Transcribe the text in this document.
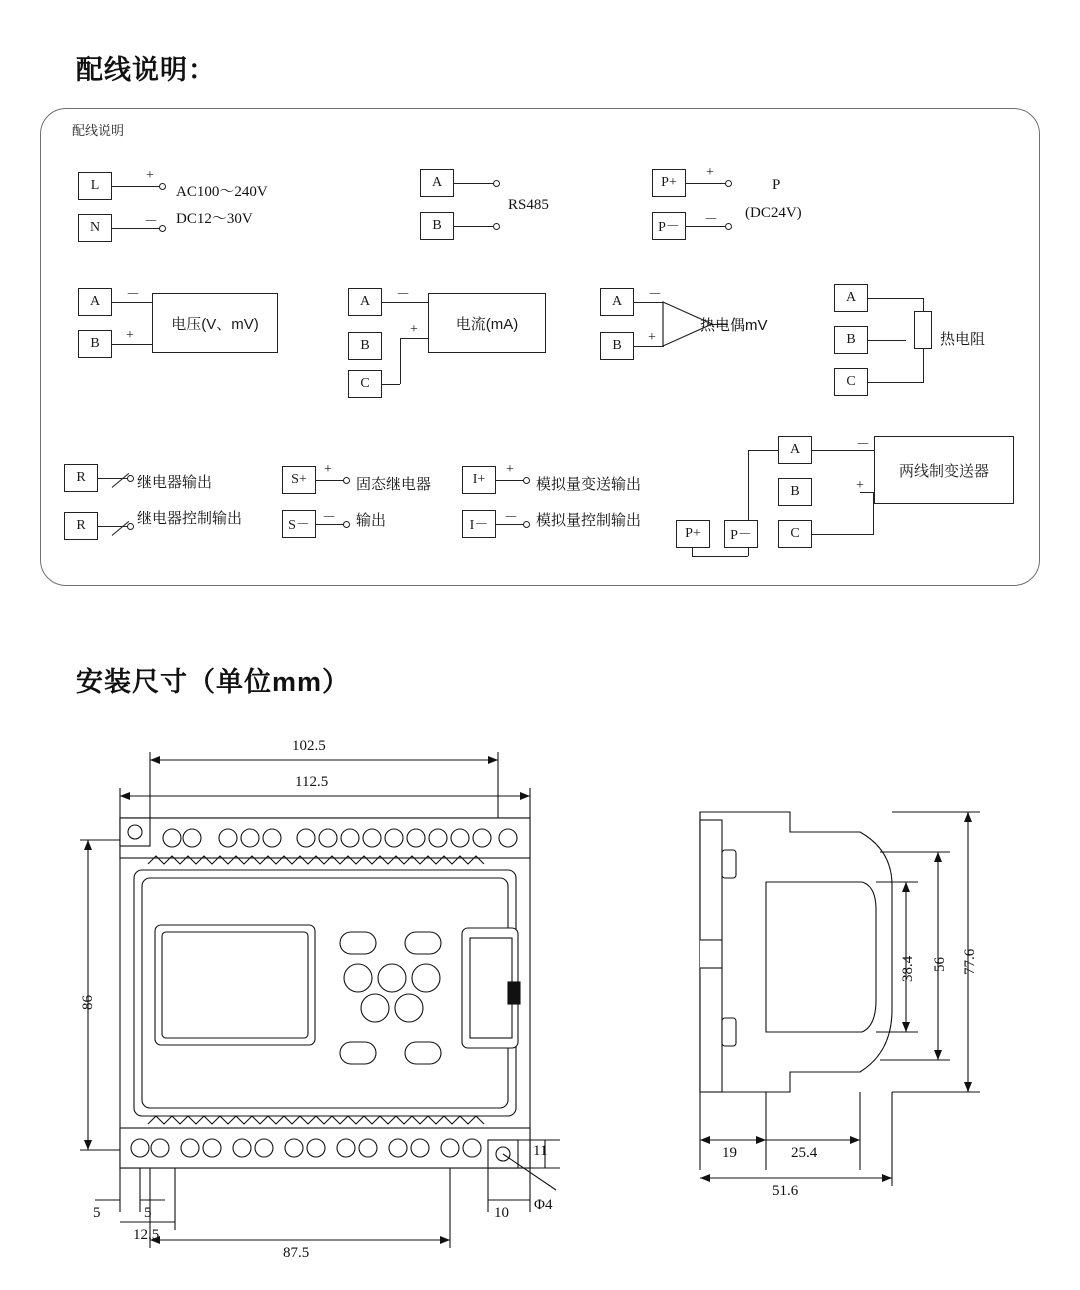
配线说明：
配线说明
L
N
+
－
AC100～240V
DC12～30V
A
B
RS485
P+
P－
+
－
P
(DC24V)
A
B
－
+
电压(V、mV)
A
B
C
－
+	电流(mA)
A
B
－
+
热电偶mV
A
B
C
热电阻
R
R
继电器输出
继电器控制输出
S+
S－
+
－
固态继电器
输出
I+
I－
+
－
模拟量变送输出
模拟量控制输出
A
B
C
P+	P－
两线制变送器
－
+
安装尺寸（单位mm）
102.5
112.5
86
87.5
5	5
12.5
10
11
Φ4
77.6
56
38.4
19	25.4
51.6
